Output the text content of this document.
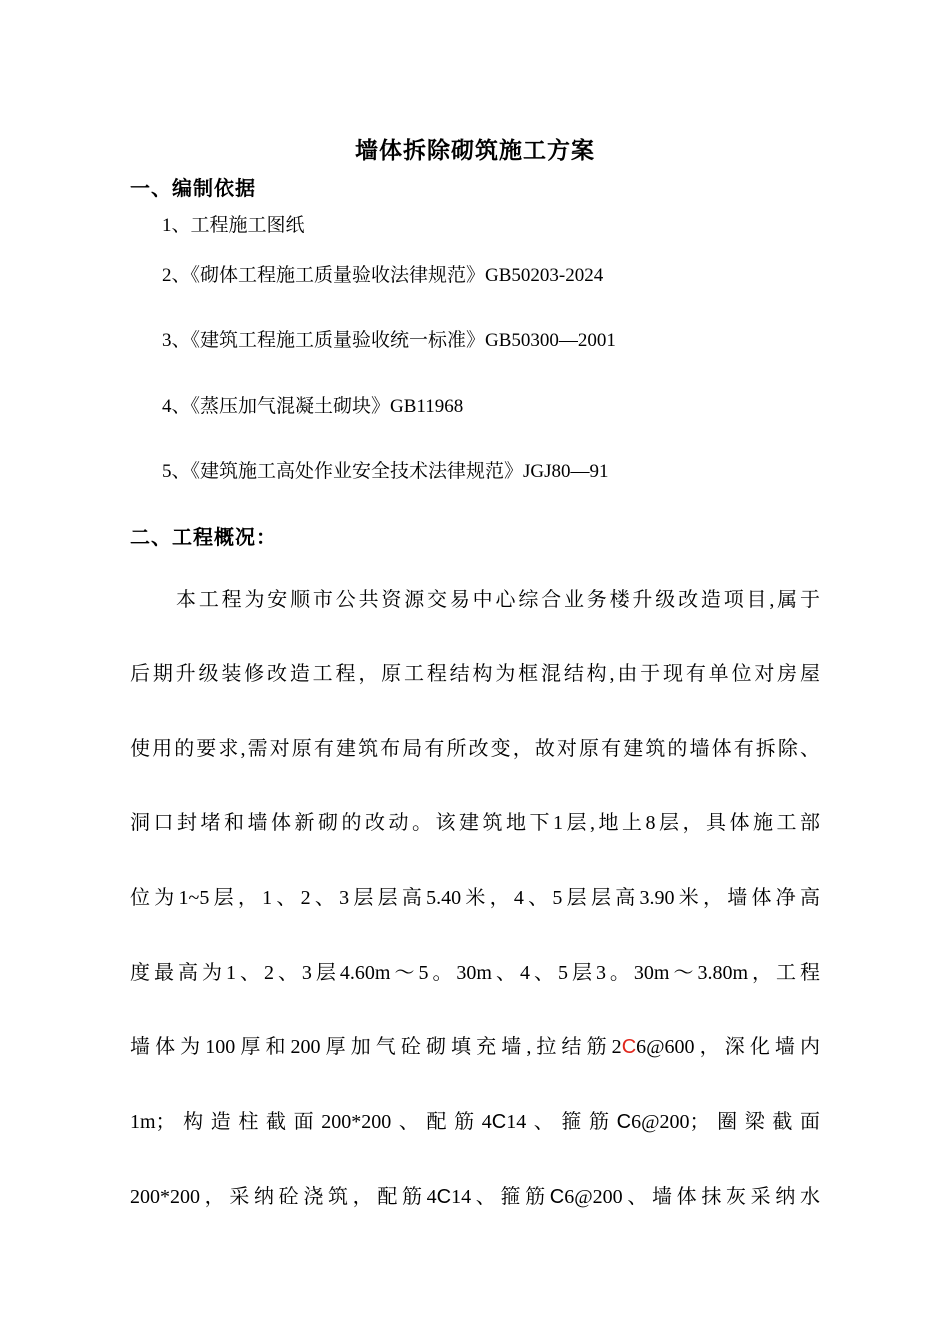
墙体拆除砌筑施工方案
一、编制依据
1、工程施工图纸
2、《砌体工程施工质量验收法律规范》GB50203-2024
3、《建筑工程施工质量验收统一标准》GB50300—2001
4、《蒸压加气混凝土砌块》GB11968
5、《建筑施工高处作业安全技术法律规范》JGJ80—91
二、工程概况：
本工程为安顺市公共资源交易中心综合业务楼升级改造项目,属于
后期升级装修改造工程，原工程结构为框混结构,由于现有单位对房屋
使用的要求,需对原有建筑布局有所改变，故对原有建筑的墙体有拆除、
洞口封堵和墙体新砌的改动。该建筑地下1层,地上8层，具体施工部
位为1~5层，1、2、3层层高5.40米，4、5层层高3.90米，墙体净高
度最高为1、2、3层4.60m～5。30m、4、5层3。30m～3.80m，工程
墙体为100厚和200厚加气砼砌填充墙,拉结筋2C6@600，深化墙内
1m；构造柱截面200*200、配筋4C14、箍筋C6@200；圈梁截面
200*200，采纳砼浇筑，配筋4C14、箍筋C6@200、墙体抹灰采纳水
